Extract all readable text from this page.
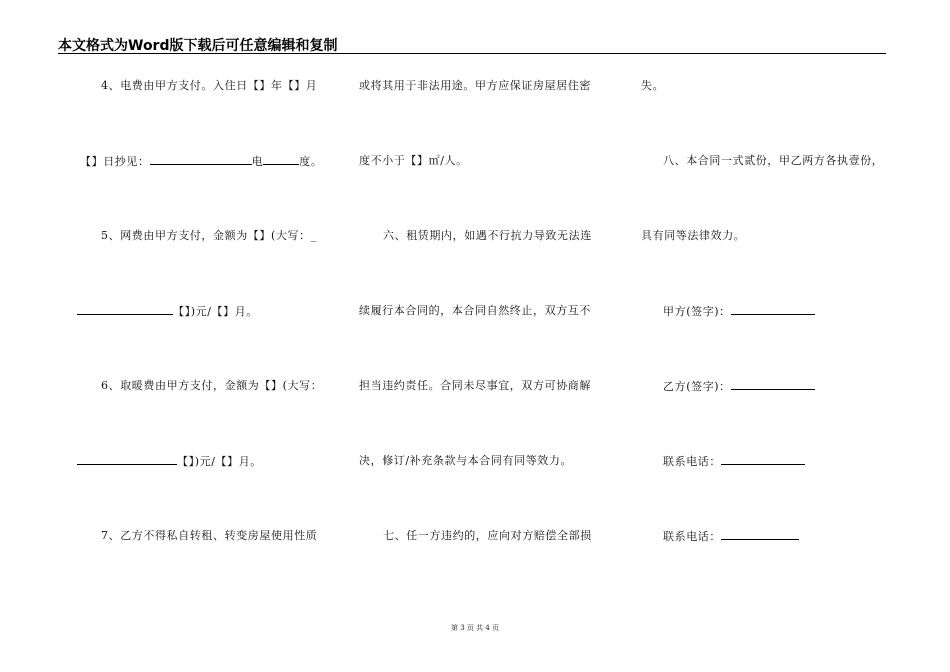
本文格式为Word版下载后可任意编辑和复制
4、电费由甲方支付。入住日【】年【】月
【】日抄见：	电	度。
5、网费由甲方支付，金额为【】(大写：_
【】)元/【】月。
6、取暖费由甲方支付，金额为【】(大写：
【】)元/【】月。
7、乙方不得私自转租、转变房屋使用性质
或将其用于非法用途。甲方应保证房屋居住密
度不小于【】㎡/人。
六、租赁期内，如遇不行抗力导致无法连
续履行本合同的，本合同自然终止，双方互不
担当违约责任。合同未尽事宜，双方可协商解
决，修订/补充条款与本合同有同等效力。
七、任一方违约的，应向对方赔偿全部损
失。
八、本合同一式贰份，甲乙两方各执壹份，
具有同等法律效力。
甲方(签字)：
乙方(签字)：
联系电话：
联系电话：
第 3 页 共 4 页
